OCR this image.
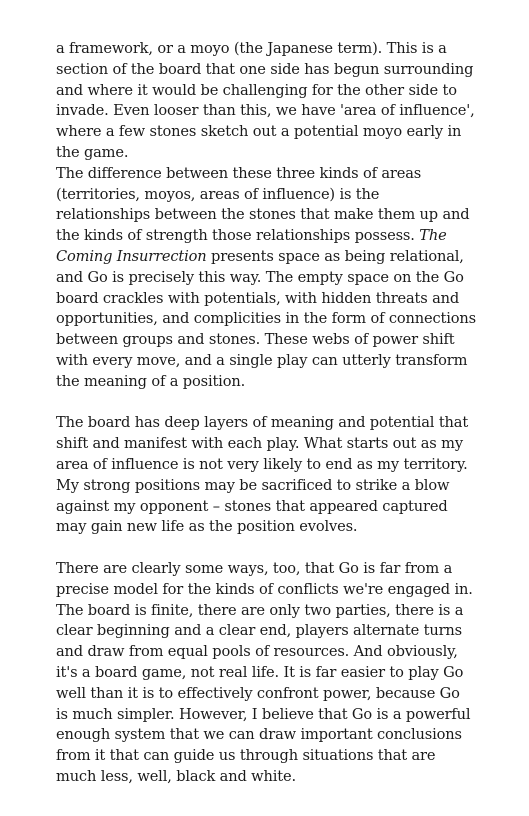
a framework, or a moyo (the Japanese term). This is a section of the board that one side has begun surrounding and where it would be challenging for the other side to invade. Even looser than this, we have 'area of influence', where a few stones sketch out a potential moyo early in the game.

The difference between these three kinds of areas (territories, moyos, areas of influence) is the relationships between the stones that make them up and the kinds of strength those relationships possess. The Coming Insurrection presents space as being relational, and Go is precisely this way. The empty space on the Go board crackles with potentials, with hidden threats and opportunities, and complicities in the form of connections between groups and stones. These webs of power shift with every move, and a single play can utterly transform the meaning of a position.

The board has deep layers of meaning and potential that shift and manifest with each play. What starts out as my area of influence is not very likely to end as my territory. My strong positions may be sacrificed to strike a blow against my opponent – stones that appeared captured may gain new life as the position evolves.

There are clearly some ways, too, that Go is far from a precise model for the kinds of conflicts we're engaged in. The board is finite, there are only two parties, there is a clear beginning and a clear end, players alternate turns and draw from equal pools of resources. And obviously, it's a board game, not real life. It is far easier to play Go well than it is to effectively confront power, because Go is much simpler. However, I believe that Go is a powerful enough system that we can draw important conclusions from it that can guide us through situations that are much less, well, black and white.
